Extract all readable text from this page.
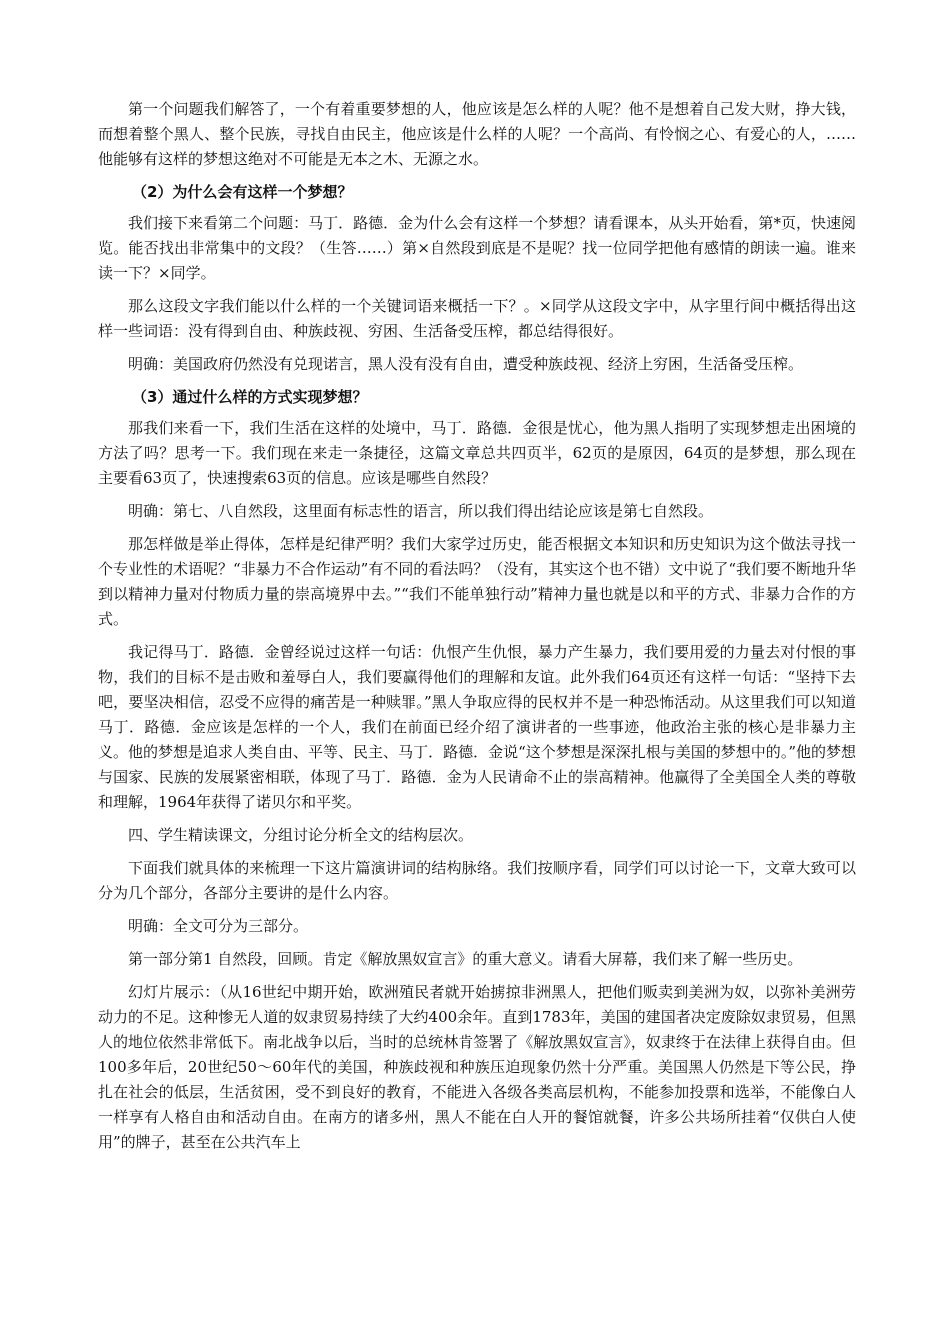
第一个问题我们解答了，一个有着重要梦想的人，他应该是怎么样的人呢？他不是想着自己发大财，挣大钱，而想着整个黑人、整个民族，寻找自由民主，他应该是什么样的人呢？一个高尚、有怜悯之心、有爱心的人，……他能够有这样的梦想这绝对不可能是无本之木、无源之水。

（2）为什么会有这样一个梦想？

我们接下来看第二个问题：马丁．路德．金为什么会有这样一个梦想？请看课本，从头开始看，第*页，快速阅览。能否找出非常集中的文段？（生答……）第×自然段到底是不是呢？找一位同学把他有感情的朗读一遍。谁来读一下？×同学。

那么这段文字我们能以什么样的一个关键词语来概括一下？。×同学从这段文字中，从字里行间中概括得出这样一些词语：没有得到自由、种族歧视、穷困、生活备受压榨，都总结得很好。

明确：美国政府仍然没有兑现诺言，黑人没有没有自由，遭受种族歧视、经济上穷困，生活备受压榨。

（3）通过什么样的方式实现梦想？

那我们来看一下，我们生活在这样的处境中，马丁．路德．金很是忧心，他为黑人指明了实现梦想走出困境的方法了吗？思考一下。我们现在来走一条捷径，这篇文章总共四页半，62页的是原因，64页的是梦想，那么现在主要看63页了，快速搜索63页的信息。应该是哪些自然段？

明确：第七、八自然段，这里面有标志性的语言，所以我们得出结论应该是第七自然段。

那怎样做是举止得体，怎样是纪律严明？我们大家学过历史，能否根据文本知识和历史知识为这个做法寻找一个专业性的术语呢？“非暴力不合作运动”有不同的看法吗？（没有，其实这个也不错）文中说了“我们要不断地升华到以精神力量对付物质力量的崇高境界中去。”“我们不能单独行动”精神力量也就是以和平的方式、非暴力合作的方式。

我记得马丁．路德．金曾经说过这样一句话：仇恨产生仇恨，暴力产生暴力，我们要用爱的力量去对付恨的事物，我们的目标不是击败和羞辱白人，我们要赢得他们的理解和友谊。此外我们64页还有这样一句话：“坚持下去吧，要坚决相信，忍受不应得的痛苦是一种赎罪。”黑人争取应得的民权并不是一种恐怖活动。从这里我们可以知道马丁．路德．金应该是怎样的一个人，我们在前面已经介绍了演讲者的一些事迹，他政治主张的核心是非暴力主义。他的梦想是追求人类自由、平等、民主、马丁．路德．金说“这个梦想是深深扎根与美国的梦想中的。”他的梦想与国家、民族的发展紧密相联，体现了马丁．路德．金为人民请命不止的崇高精神。他赢得了全美国全人类的尊敬和理解，1964年获得了诺贝尔和平奖。

四、学生精读课文，分组讨论分析全文的结构层次。

下面我们就具体的来梳理一下这片篇演讲词的结构脉络。我们按顺序看，同学们可以讨论一下，文章大致可以分为几个部分，各部分主要讲的是什么内容。

明确：全文可分为三部分。

第一部分第1 自然段，回顾。肯定《解放黑奴宣言》的重大意义。请看大屏幕，我们来了解一些历史。

幻灯片展示：（从16世纪中期开始，欧洲殖民者就开始掳掠非洲黑人，把他们贩卖到美洲为奴，以弥补美洲劳动力的不足。这种惨无人道的奴隶贸易持续了大约400余年。直到1783年，美国的建国者决定废除奴隶贸易，但黑人的地位依然非常低下。南北战争以后，当时的总统林肯签署了《解放黑奴宣言》，奴隶终于在法律上获得自由。但100多年后，20世纪50～60年代的美国，种族歧视和种族压迫现象仍然十分严重。美国黑人仍然是下等公民，挣扎在社会的低层，生活贫困，受不到良好的教育，不能进入各级各类高层机构，不能参加投票和选举，不能像白人一样享有人格自由和活动自由。在南方的诸多州，黑人不能在白人开的餐馆就餐，许多公共场所挂着“仅供白人使用”的牌子，甚至在公共汽车上
